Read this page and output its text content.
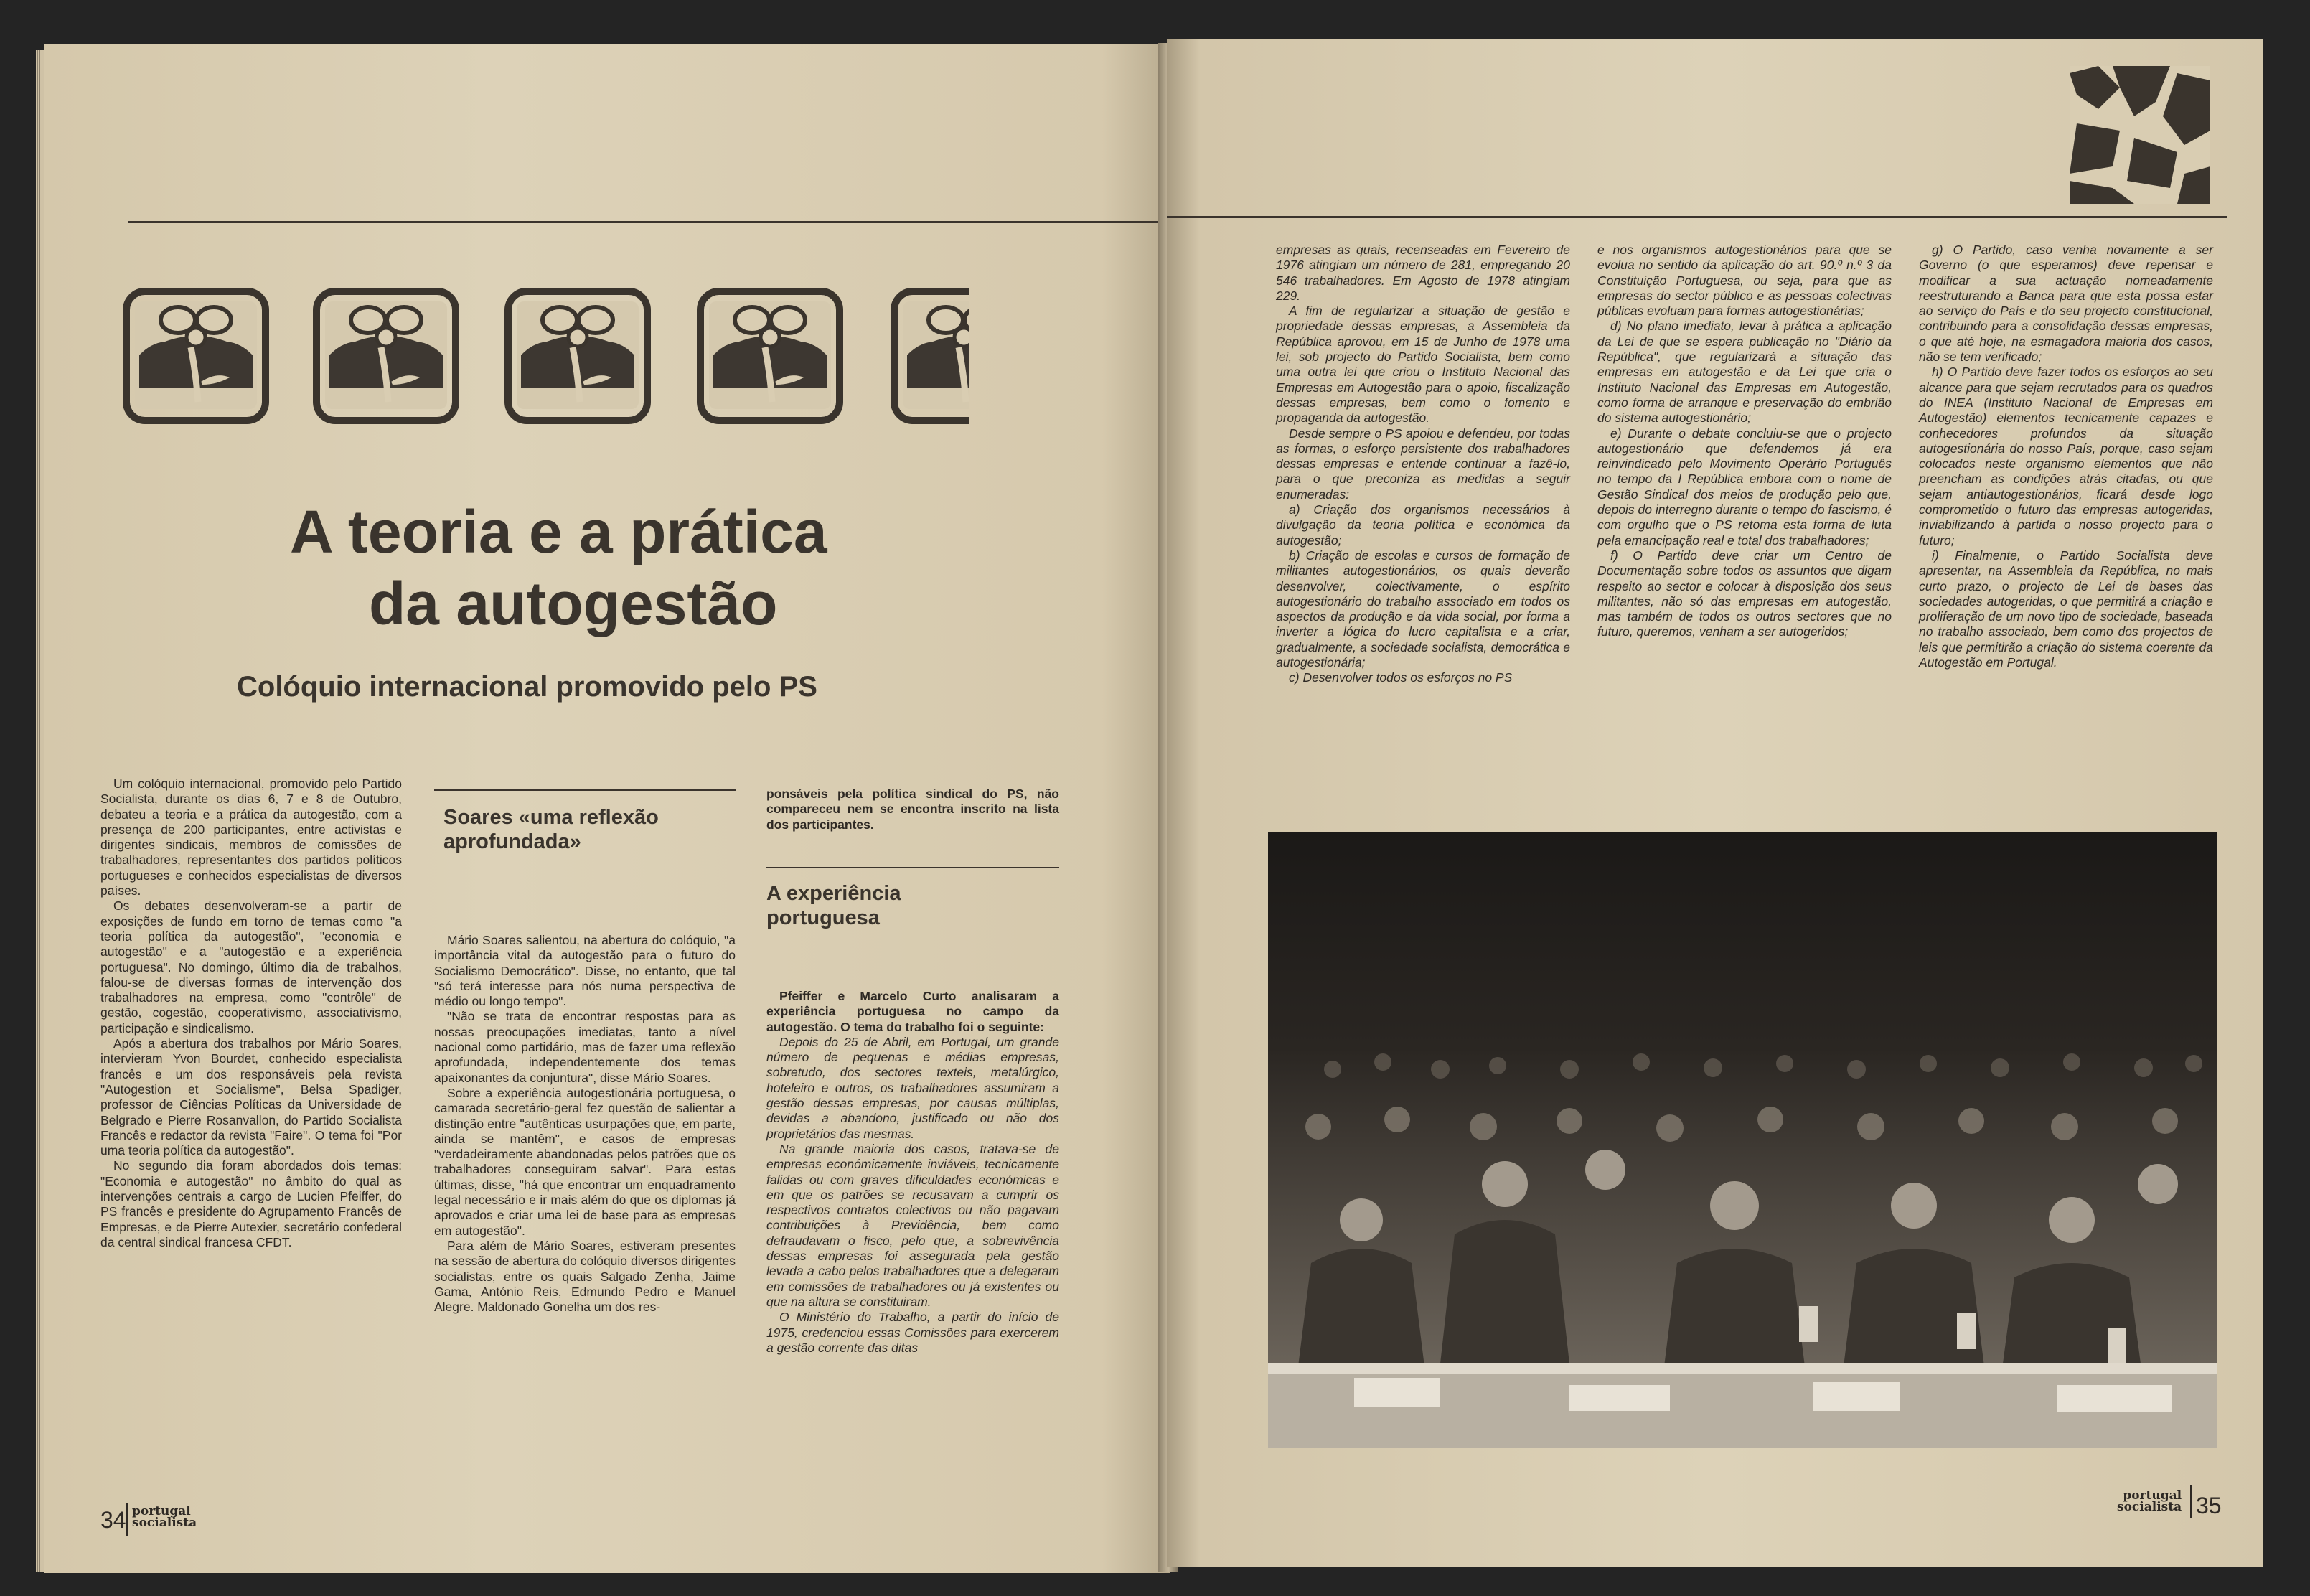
A teoria e a prática
da autogestão
Colóquio internacional promovido pelo PS

Um colóquio internacional, promovido pelo Partido Socialista, durante os dias 6, 7 e 8 de Outubro, debateu a teoria e a prática da autogestão, com a presença de 200 participantes, entre activistas e dirigentes sindicais, membros de comissões de trabalhadores, representantes dos partidos políticos portugueses e conhecidos especialistas de diversos países.

Os debates desenvolveram-se a partir de exposições de fundo em torno de temas como "a teoria política da autogestão", "economia e autogestão" e a "autogestão e a experiência portuguesa". No domingo, último dia de trabalhos, falou-se de diversas formas de intervenção dos trabalhadores na empresa, como "contrôle" de gestão, cogestão, cooperativismo, associativismo, participação e sindicalismo.

Após a abertura dos trabalhos por Mário Soares, intervieram Yvon Bourdet, conhecido especialista francês e um dos responsáveis pela revista "Autogestion et Socialisme", Belsa Spadiger, professor de Ciências Políticas da Universidade de Belgrado e Pierre Rosanvallon, do Partido Socialista Francês e redactor da revista "Faire". O tema foi "Por uma teoria política da autogestão".

No segundo dia foram abordados dois temas: "Economia e autogestão" no âmbito do qual as intervenções centrais a cargo de Lucien Pfeiffer, do PS francês e presidente do Agrupamento Francês de Empresas, e de Pierre Autexier, secretário confederal da central sindical francesa CFDT.

Soares «uma reflexão aprofundada»

Mário Soares salientou, na abertura do colóquio, "a importância vital da autogestão para o futuro do Socialismo Democrático". Disse, no entanto, que tal "só terá interesse para nós numa perspectiva de médio ou longo tempo".

"Não se trata de encontrar respostas para as nossas preocupações imediatas, tanto a nível nacional como partidário, mas de fazer uma reflexão aprofundada, independentemente dos temas apaixonantes da conjuntura", disse Mário Soares.

Sobre a experiência autogestionária portuguesa, o camarada secretário-geral fez questão de salientar a distinção entre "autênticas usurpações que, em parte, ainda se mantêm", e casos de empresas "verdadeiramente abandonadas pelos patrões que os trabalhadores conseguiram salvar". Para estas últimas, disse, "há que encontrar um enquadramento legal necessário e ir mais além do que os diplomas já aprovados e criar uma lei de base para as empresas em autogestão".

Para além de Mário Soares, estiveram presentes na sessão de abertura do colóquio diversos dirigentes socialistas, entre os quais Salgado Zenha, Jaime Gama, António Reis, Edmundo Pedro e Manuel Alegre. Maldonado Gonelha um dos res-

ponsáveis pela política sindical do PS, não compareceu nem se encontra inscrito na lista dos participantes.
A experiência portuguesa

Pfeiffer e Marcelo Curto analisaram a experiência portuguesa no campo da autogestão. O tema do trabalho foi o seguinte:

Depois do 25 de Abril, em Portugal, um grande número de pequenas e médias empresas, sobretudo, dos sectores texteis, metalúrgico, hoteleiro e outros, os trabalhadores assumiram a gestão dessas empresas, por causas múltiplas, devidas a abandono, justificado ou não dos proprietários das mesmas.

Na grande maioria dos casos, tratava-se de empresas económicamente inviáveis, tecnicamente falidas ou com graves dificuldades económicas e em que os patrões se recusavam a cumprir os respectivos contratos colectivos ou não pagavam contribuições à Previdência, bem como defraudavam o fisco, pelo que, a sobrevivência dessas empresas foi assegurada pela gestão levada a cabo pelos trabalhadores que a delegaram em comissões de trabalhadores ou já existentes ou que na altura se constituiram.

O Ministério do Trabalho, a partir do início de 1975, credenciou essas Comissões para exercerem a gestão corrente das ditas

34 portugal
socialista

empresas as quais, recenseadas em Fevereiro de 1976 atingiam um número de 281, empregando 20 546 trabalhadores. Em Agosto de 1978 atingiam 229.

A fim de regularizar a situação de gestão e propriedade dessas empresas, a Assembleia da República aprovou, em 15 de Junho de 1978 uma lei, sob projecto do Partido Socialista, bem como uma outra lei que criou o Instituto Nacional das Empresas em Autogestão para o apoio, fiscalização dessas empresas, bem como o fomento e propaganda da autogestão.

Desde sempre o PS apoiou e defendeu, por todas as formas, o esforço persistente dos trabalhadores dessas empresas e entende continuar a fazê-lo, para o que preconiza as medidas a seguir enumeradas:

a) Criação dos organismos necessários à divulgação da teoria política e económica da autogestão;

b) Criação de escolas e cursos de formação de militantes autogestionários, os quais deverão desenvolver, colectivamente, o espírito autogestionário do trabalho associado em todos os aspectos da produção e da vida social, por forma a inverter a lógica do lucro capitalista e a criar, gradualmente, a sociedade socialista, democrática e autogestionária;

c) Desenvolver todos os esforços no PS

e nos organismos autogestionários para que se evolua no sentido da aplicação do art. 90.º n.º 3 da Constituição Portuguesa, ou seja, para que as empresas do sector público e as pessoas colectivas públicas evoluam para formas autogestionárias;

d) No plano imediato, levar à prática a aplicação da Lei de que se espera publicação no "Diário da República", que regularizará a situação das empresas em autogestão e da Lei que cria o Instituto Nacional das Empresas em Autogestão, como forma de arranque e preservação do embrião do sistema autogestionário;

e) Durante o debate concluiu-se que o projecto autogestionário que defendemos já era reinvindicado pelo Movimento Operário Português no tempo da I República embora com o nome de Gestão Sindical dos meios de produção pelo que, depois do interregno durante o tempo do fascismo, é com orgulho que o PS retoma esta forma de luta pela emancipação real e total dos trabalhadores;

f) O Partido deve criar um Centro de Documentação sobre todos os assuntos que digam respeito ao sector e colocar à disposição dos seus militantes, não só das empresas em autogestão, mas também de todos os outros sectores que no futuro, queremos, venham a ser autogeridos;

g) O Partido, caso venha novamente a ser Governo (o que esperamos) deve repensar e modificar a sua actuação nomeadamente reestruturando a Banca para que esta possa estar ao serviço do País e do seu projecto constitucional, contribuindo para a consolidação dessas empresas, o que até hoje, na esmagadora maioria dos casos, não se tem verificado;

h) O Partido deve fazer todos os esforços ao seu alcance para que sejam recrutados para os quadros do INEA (Instituto Nacional de Empresas em Autogestão) elementos tecnicamente capazes e conhecedores profundos da situação autogestionária do nosso País, porque, caso sejam colocados neste organismo elementos que não preencham as condições atrás citadas, ou que sejam antiautogestionários, ficará desde logo comprometido o futuro das empresas autogeridas, inviabilizando à partida o nosso projecto para o futuro;

i) Finalmente, o Partido Socialista deve apresentar, na Assembleia da República, no mais curto prazo, o projecto de Lei de bases das sociedades autogeridas, o que permitirá a criação e proliferação de um novo tipo de sociedade, baseada no trabalho associado, bem como dos projectos de leis que permitirão a criação do sistema coerente da Autogestão em Portugal.

portugal
socialista 35
